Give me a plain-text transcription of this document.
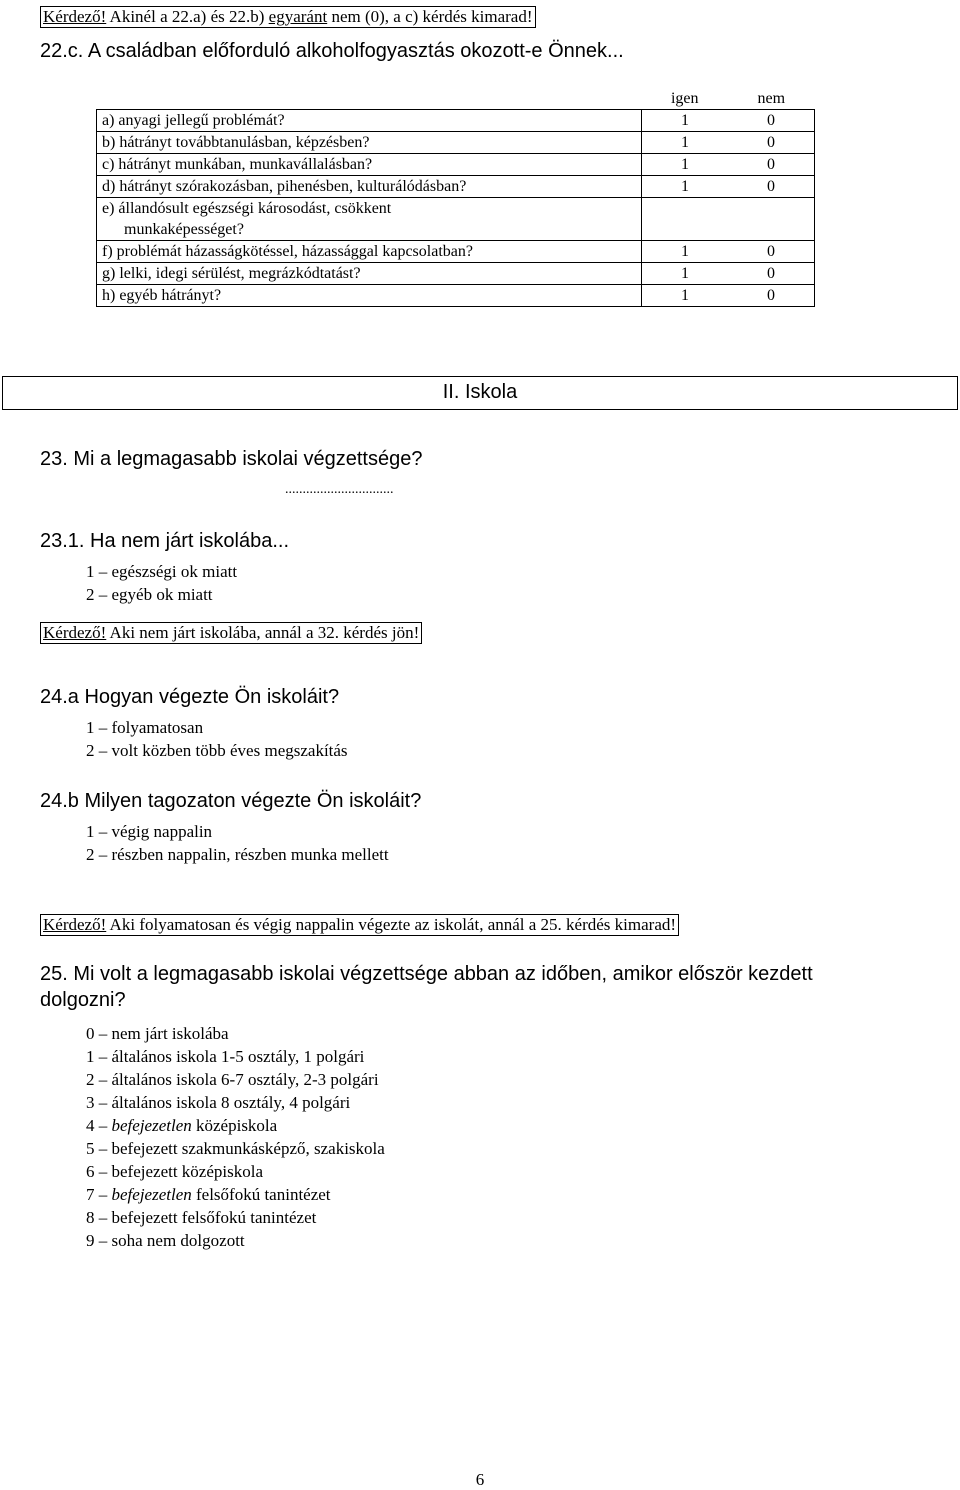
Kérdező! Akinél a 22.a) és 22.b) egyaránt nem (0), a c) kérdés kimarad!
22.c. A családban előforduló alkoholfogyasztás okozott-e Önnek...
	igen	nem
a) anyagi jellegű problémát?	1	0
b) hátrányt továbbtanulásban, képzésben?	1	0
c) hátrányt munkában, munkavállalásban?	1	0
d) hátrányt szórakozásban, pihenésben, kulturálódásban?	1	0

e) állandósult egészségi károsodást, csökkent
munkaképességet?		

f) problémát házasságkötéssel, házassággal kapcsolatban?	1	0
g) lelki, idegi sérülést, megrázkódtatást?	1	0
h) egyéb hátrányt?	1	0
II. Iskola
23. Mi a legmagasabb iskolai végzettsége?
...............................
23.1. Ha nem járt iskolába...
1 – egészségi ok miatt
2 – egyéb ok miatt
Kérdező! Aki nem járt iskolába, annál a 32. kérdés jön!
24.a Hogyan végezte Ön iskoláit?
1 – folyamatosan
2 – volt közben több éves megszakítás
24.b Milyen tagozaton végezte Ön iskoláit?
1 – végig nappalin
2 – részben nappalin, részben munka mellett
Kérdező! Aki folyamatosan és végig nappalin végezte az iskolát, annál a 25. kérdés kimarad!
25. Mi volt a legmagasabb iskolai végzettsége abban az időben, amikor először kezdett
dolgozni?
0 – nem járt iskolába
1 – általános iskola 1-5 osztály, 1 polgári
2 – általános iskola 6-7 osztály, 2-3 polgári
3 – általános iskola 8 osztály, 4 polgári
4 – befejezetlen középiskola
5 – befejezett szakmunkásképző, szakiskola
6 – befejezett középiskola
7 – befejezetlen felsőfokú tanintézet
8 – befejezett felsőfokú tanintézet
9 – soha nem dolgozott
6
